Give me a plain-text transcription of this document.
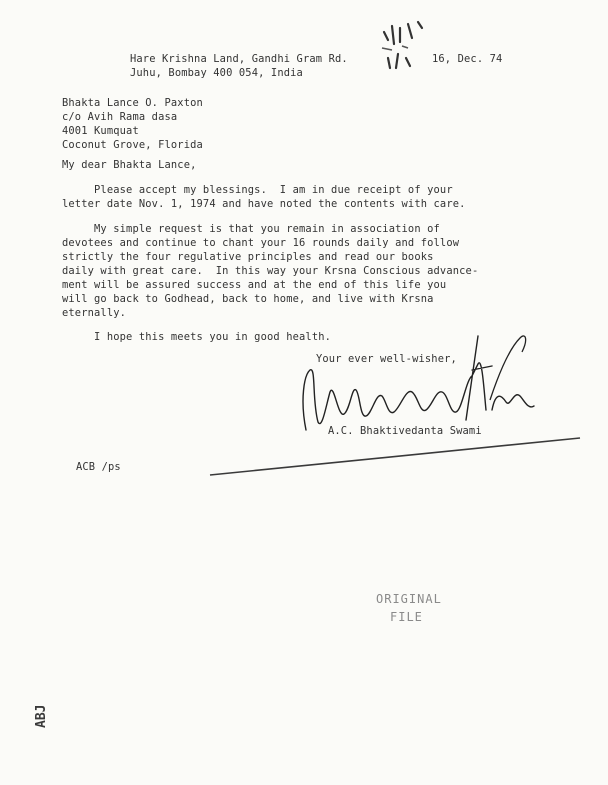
Hare Krishna Land, Gandhi Gram Rd.
Juhu, Bombay 400 054, India
16, Dec. 74
Bhakta Lance O. Paxton
c/o Avih Rama dasa
4001 Kumquat
Coconut Grove, Florida
My dear Bhakta Lance,
Please accept my blessings.  I am in due receipt of your
letter date Nov. 1, 1974 and have noted the contents with care.
My simple request is that you remain in association of
devotees and continue to chant your 16 rounds daily and follow
strictly the four regulative principles and read our books
daily with great care.  In this way your Krsna Conscious advance-
ment will be assured success and at the end of this life you
will go back to Godhead, back to home, and live with Krsna
eternally.
I hope this meets you in good health.
Your ever well-wisher,
A.C. Bhaktivedanta Swami
ACB /ps
ORIGINAL
FILE
ABJ
